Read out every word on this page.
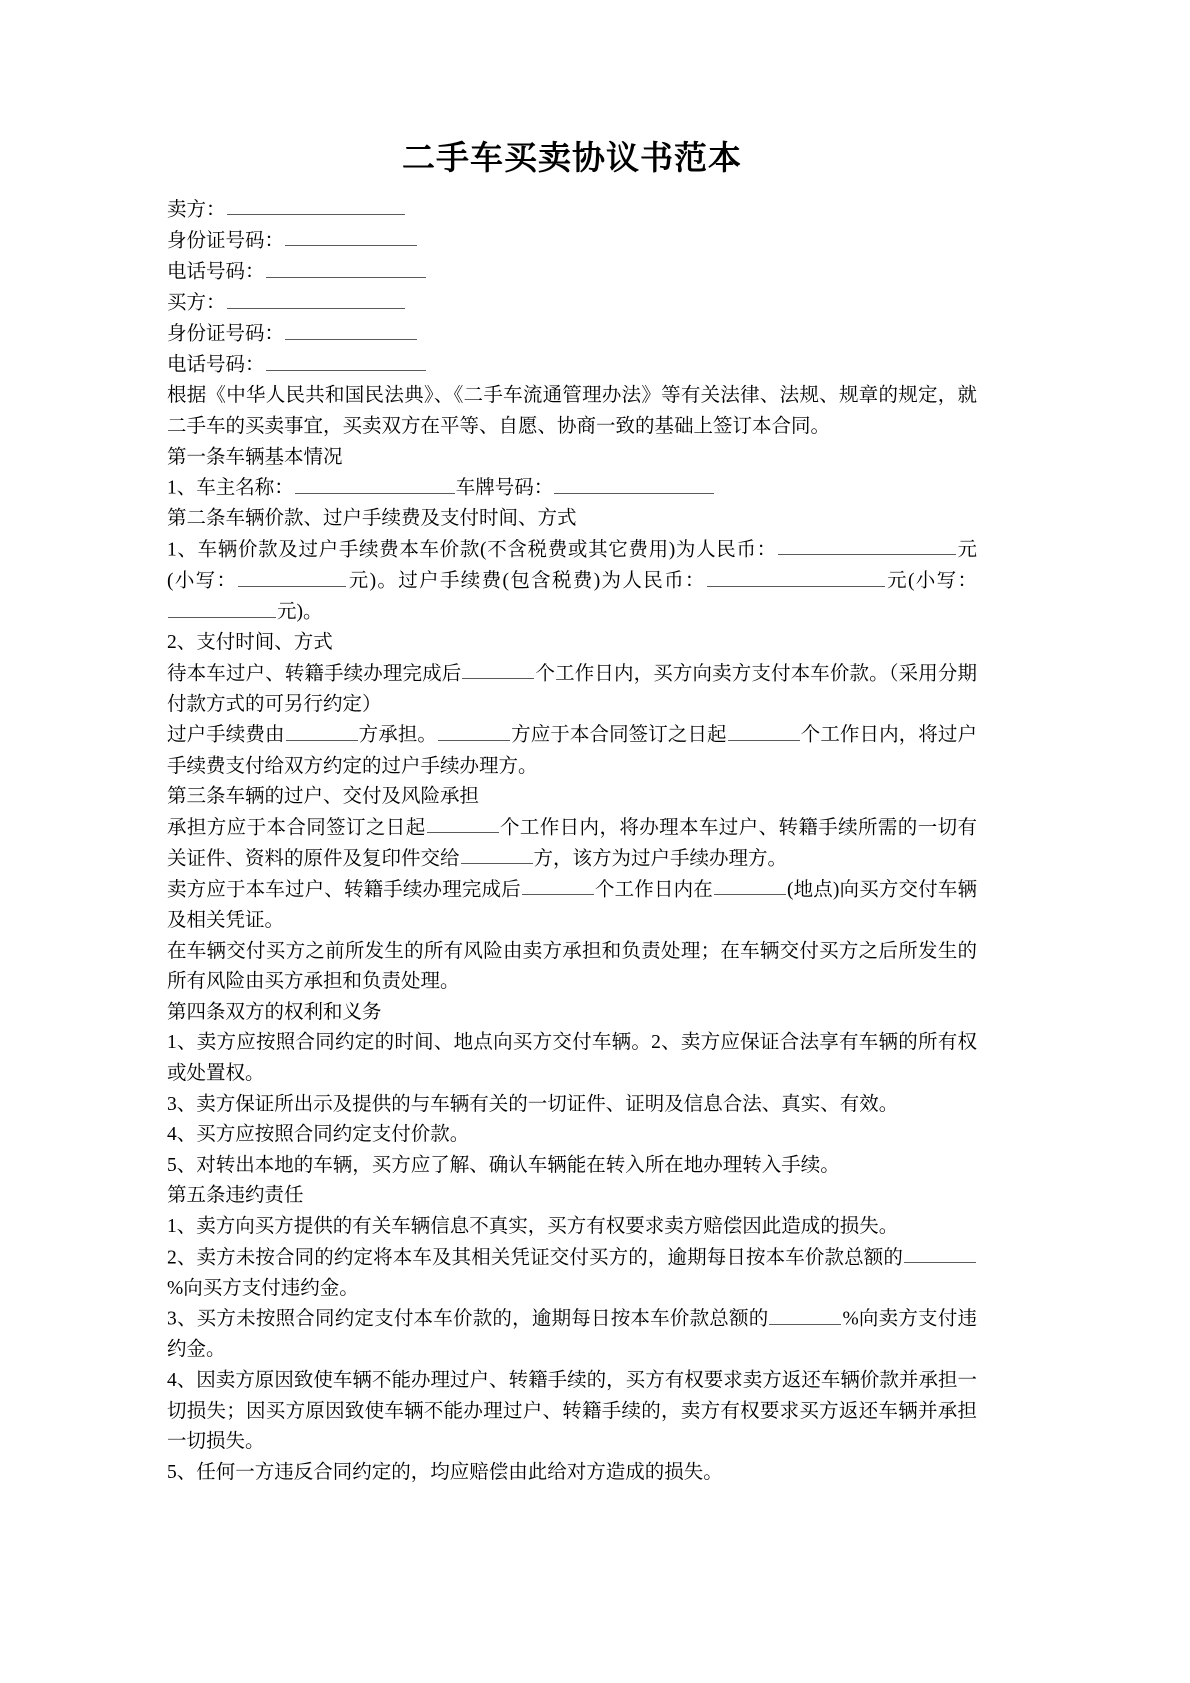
二手车买卖协议书范本

卖方：

身份证号码：

电话号码：

买方：

身份证号码：

电话号码：

根据《中华人民共和国民法典》、《二手车流通管理办法》等有关法律、法规、规章的规定，就二手车的买卖事宜，买卖双方在平等、自愿、协商一致的基础上签订本合同。

第一条车辆基本情况

1、车主名称：	车牌号码：

第二条车辆价款、过户手续费及支付时间、方式

1、车辆价款及过户手续费本车价款(不含税费或其它费用)为人民币：	元(小写：	元)。过户手续费(包含税费)为人民币：	元(小写：元)。

2、支付时间、方式

待本车过户、转籍手续办理完成后	个工作日内，买方向卖方支付本车价款。（采用分期付款方式的可另行约定）

过户手续费由	方承担。	方应于本合同签订之日起	个工作日内，将过户手续费支付给双方约定的过户手续办理方。

第三条车辆的过户、交付及风险承担

承担方应于本合同签订之日起	个工作日内，将办理本车过户、转籍手续所需的一切有关证件、资料的原件及复印件交给	方，该方为过户手续办理方。

卖方应于本车过户、转籍手续办理完成后	个工作日内在	(地点)向买方交付车辆及相关凭证。

在车辆交付买方之前所发生的所有风险由卖方承担和负责处理；在车辆交付买方之后所发生的所有风险由买方承担和负责处理。

第四条双方的权利和义务

1、卖方应按照合同约定的时间、地点向买方交付车辆。2、卖方应保证合法享有车辆的所有权或处置权。

3、卖方保证所出示及提供的与车辆有关的一切证件、证明及信息合法、真实、有效。

4、买方应按照合同约定支付价款。

5、对转出本地的车辆，买方应了解、确认车辆能在转入所在地办理转入手续。

第五条违约责任

1、卖方向买方提供的有关车辆信息不真实，买方有权要求卖方赔偿因此造成的损失。

2、卖方未按合同的约定将本车及其相关凭证交付买方的，逾期每日按本车价款总额的%向买方支付违约金。

3、买方未按照合同约定支付本车价款的，逾期每日按本车价款总额的	%向卖方支付违约金。

4、因卖方原因致使车辆不能办理过户、转籍手续的，买方有权要求卖方返还车辆价款并承担一切损失；因买方原因致使车辆不能办理过户、转籍手续的，卖方有权要求买方返还车辆并承担一切损失。

5、任何一方违反合同约定的，均应赔偿由此给对方造成的损失。
